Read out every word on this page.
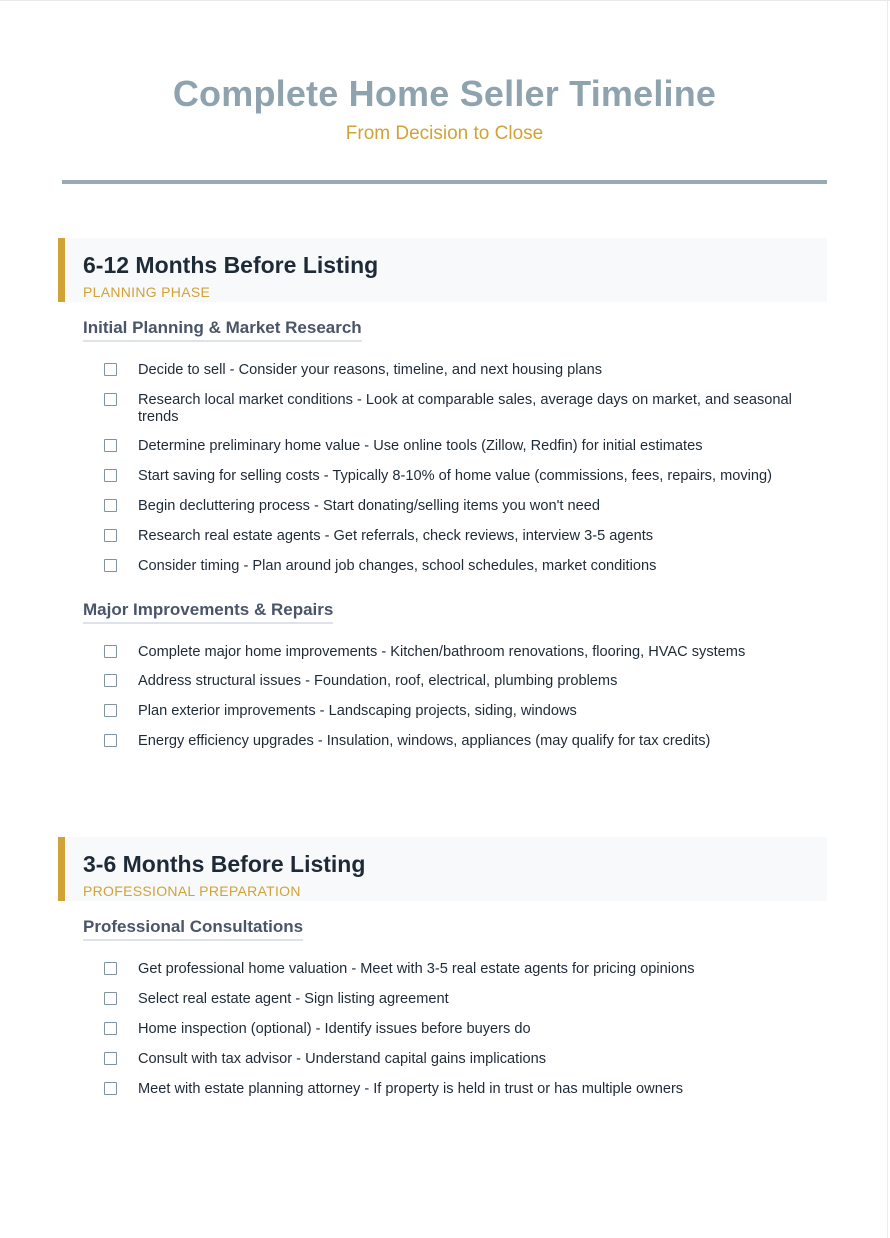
Complete Home Seller Timeline
From Decision to Close
6-12 Months Before Listing
PLANNING PHASE
Initial Planning & Market Research
Decide to sell - Consider your reasons, timeline, and next housing plans
Research local market conditions - Look at comparable sales, average days on market, and seasonal trends
Determine preliminary home value - Use online tools (Zillow, Redfin) for initial estimates
Start saving for selling costs - Typically 8-10% of home value (commissions, fees, repairs, moving)
Begin decluttering process - Start donating/selling items you won't need
Research real estate agents - Get referrals, check reviews, interview 3-5 agents
Consider timing - Plan around job changes, school schedules, market conditions
Major Improvements & Repairs
Complete major home improvements - Kitchen/bathroom renovations, flooring, HVAC systems
Address structural issues - Foundation, roof, electrical, plumbing problems
Plan exterior improvements - Landscaping projects, siding, windows
Energy efficiency upgrades - Insulation, windows, appliances (may qualify for tax credits)
3-6 Months Before Listing
PROFESSIONAL PREPARATION
Professional Consultations
Get professional home valuation - Meet with 3-5 real estate agents for pricing opinions
Select real estate agent - Sign listing agreement
Home inspection (optional) - Identify issues before buyers do
Consult with tax advisor - Understand capital gains implications
Meet with estate planning attorney - If property is held in trust or has multiple owners
